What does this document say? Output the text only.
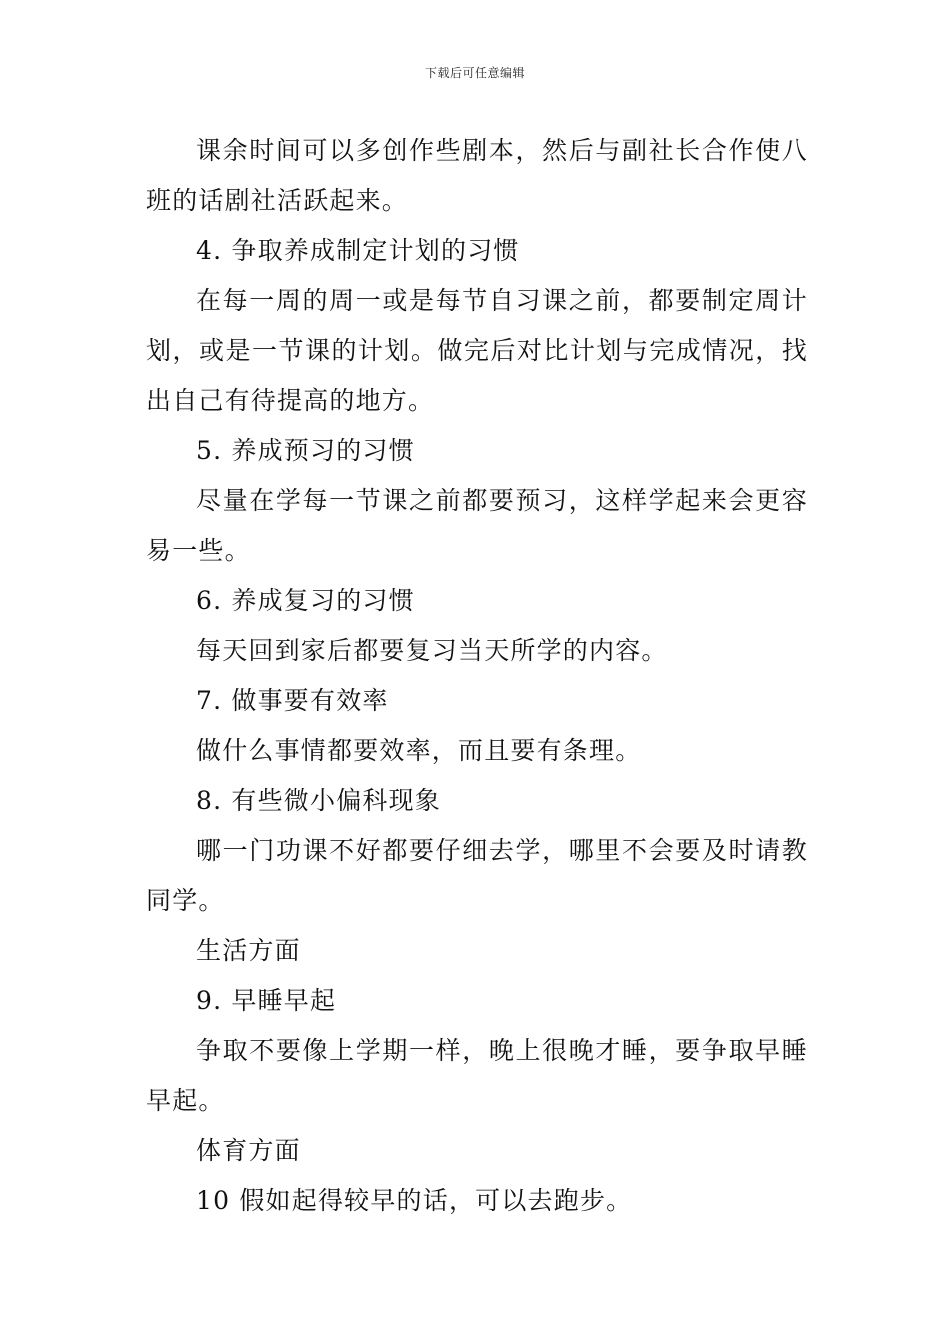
下载后可任意编辑

课余时间可以多创作些剧本，然后与副社长合作使八班的话剧社活跃起来。

4. 争取养成制定计划的习惯

在每一周的周一或是每节自习课之前，都要制定周计划，或是一节课的计划。做完后对比计划与完成情况，找出自己有待提高的地方。

5. 养成预习的习惯

尽量在学每一节课之前都要预习，这样学起来会更容易一些。

6. 养成复习的习惯

每天回到家后都要复习当天所学的内容。

7. 做事要有效率

做什么事情都要效率，而且要有条理。

8. 有些微小偏科现象

哪一门功课不好都要仔细去学，哪里不会要及时请教同学。

生活方面

9. 早睡早起

争取不要像上学期一样，晚上很晚才睡，要争取早睡早起。

体育方面

10 假如起得较早的话，可以去跑步。
